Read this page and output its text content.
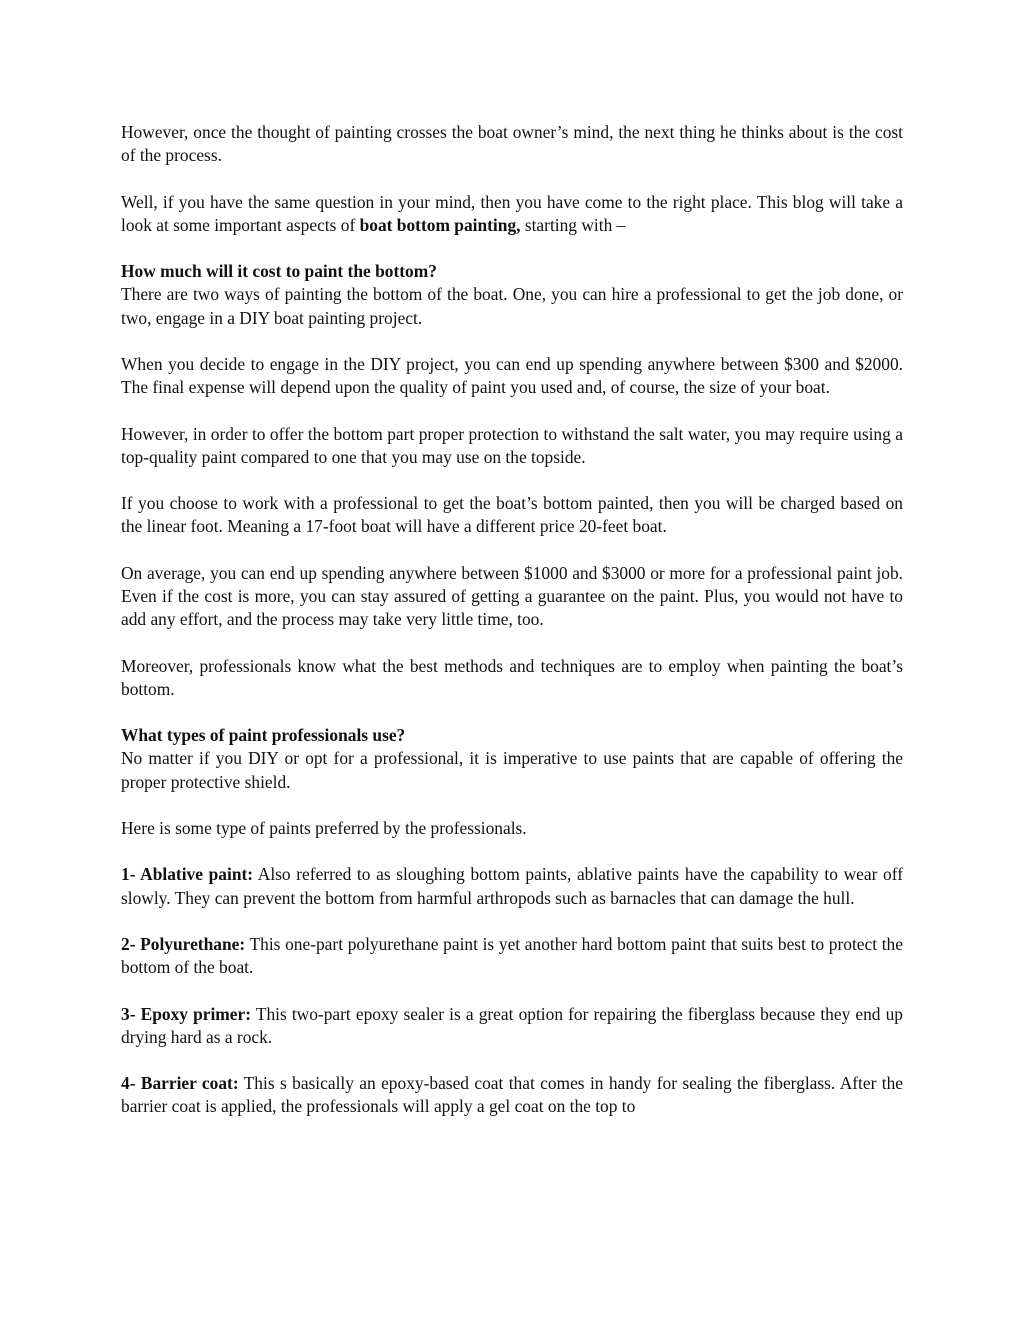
However, once the thought of painting crosses the boat owner’s mind, the next thing he thinks about is the cost of the process.

Well, if you have the same question in your mind, then you have come to the right place. This blog will take a look at some important aspects of boat bottom painting, starting with –

How much will it cost to paint the bottom?

There are two ways of painting the bottom of the boat. One, you can hire a professional to get the job done, or two, engage in a DIY boat painting project.

When you decide to engage in the DIY project, you can end up spending anywhere between $300 and $2000. The final expense will depend upon the quality of paint you used and, of course, the size of your boat.

However, in order to offer the bottom part proper protection to withstand the salt water, you may require using a top-quality paint compared to one that you may use on the topside.

If you choose to work with a professional to get the boat’s bottom painted, then you will be charged based on the linear foot. Meaning a 17-foot boat will have a different price 20-feet boat.

On average, you can end up spending anywhere between $1000 and $3000 or more for a professional paint job. Even if the cost is more, you can stay assured of getting a guarantee on the paint. Plus, you would not have to add any effort, and the process may take very little time, too.

Moreover, professionals know what the best methods and techniques are to employ when painting the boat’s bottom.

What types of paint professionals use?

No matter if you DIY or opt for a professional, it is imperative to use paints that are capable of offering the proper protective shield.

Here is some type of paints preferred by the professionals.

1- Ablative paint: Also referred to as sloughing bottom paints, ablative paints have the capability to wear off slowly. They can prevent the bottom from harmful arthropods such as barnacles that can damage the hull.

2- Polyurethane: This one-part polyurethane paint is yet another hard bottom paint that suits best to protect the bottom of the boat.

3- Epoxy primer: This two-part epoxy sealer is a great option for repairing the fiberglass because they end up drying hard as a rock.

4- Barrier coat: This s basically an epoxy-based coat that comes in handy for sealing the fiberglass. After the barrier coat is applied, the professionals will apply a gel coat on the top to
